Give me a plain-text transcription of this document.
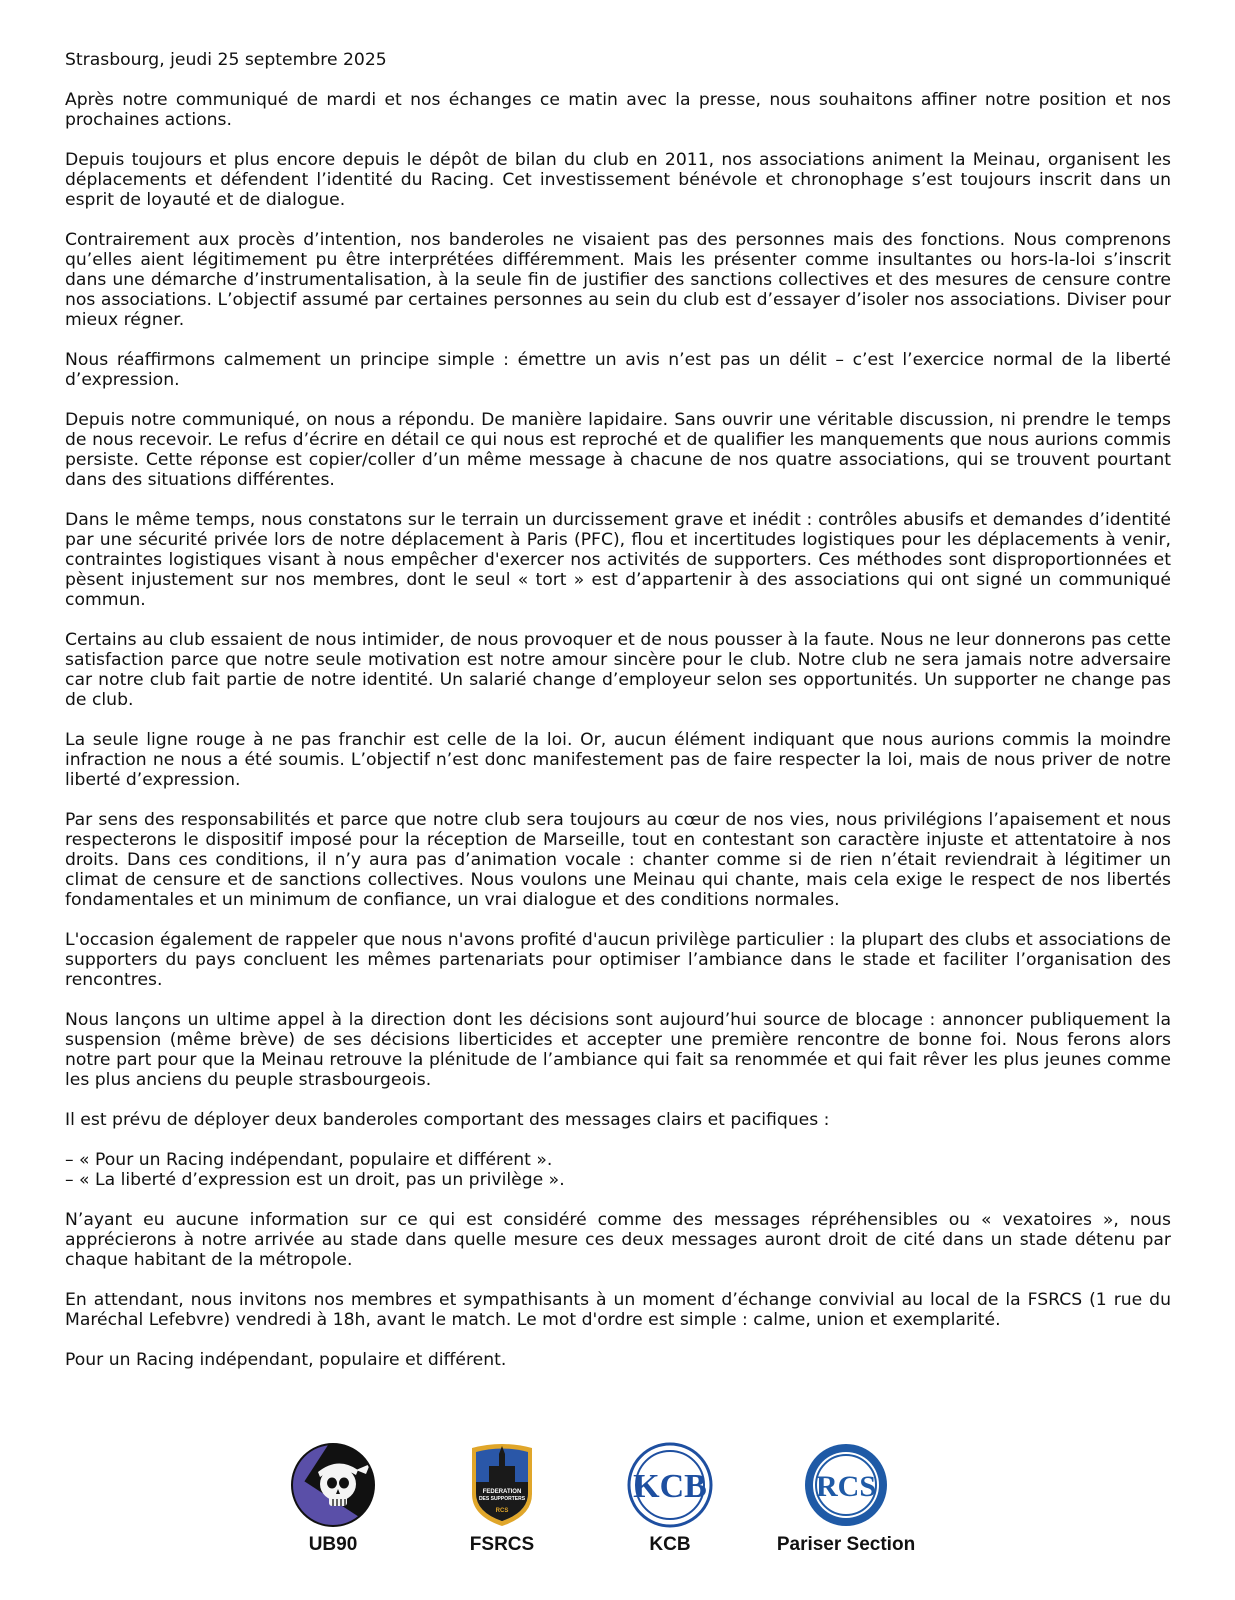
Strasbourg, jeudi 25 septembre 2025

Après notre communiqué de mardi et nos échanges ce matin avec la presse, nous souhaitons affiner notre position et nos prochaines actions.

Depuis toujours et plus encore depuis le dépôt de bilan du club en 2011, nos associations animent la Meinau, organisent les déplacements et défendent l’identité du Racing. Cet investissement bénévole et chronophage s’est toujours inscrit dans un esprit de loyauté et de dialogue.

Contrairement aux procès d’intention, nos banderoles ne visaient pas des personnes mais des fonctions. Nous comprenons qu’elles aient légitimement pu être interprétées différemment. Mais les présenter comme insultantes ou hors-la-loi s’inscrit dans une démarche d’instrumentalisation, à la seule fin de justifier des sanctions collectives et des mesures de censure contre nos associations. L’objectif assumé par certaines personnes au sein du club est d’essayer d’isoler nos associations. Diviser pour mieux régner.

Nous réaffirmons calmement un principe simple : émettre un avis n’est pas un délit – c’est l’exercice normal de la liberté d’expression.

Depuis notre communiqué, on nous a répondu. De manière lapidaire. Sans ouvrir une véritable discussion, ni prendre le temps de nous recevoir. Le refus d’écrire en détail ce qui nous est reproché et de qualifier les manquements que nous aurions commis persiste. Cette réponse est copier/coller d’un même message à chacune de nos quatre associations, qui se trouvent pourtant dans des situations différentes.

Dans le même temps, nous constatons sur le terrain un durcissement grave et inédit : contrôles abusifs et demandes d’identité par une sécurité privée lors de notre déplacement à Paris (PFC), flou et incertitudes logistiques pour les déplacements à venir, contraintes logistiques visant à nous empêcher d'exercer nos activités de supporters. Ces méthodes sont disproportionnées et pèsent injustement sur nos membres, dont le seul « tort » est d’appartenir à des associations qui ont signé un communiqué commun.

Certains au club essaient de nous intimider, de nous provoquer et de nous pousser à la faute. Nous ne leur donnerons pas cette satisfaction parce que notre seule motivation est notre amour sincère pour le club. Notre club ne sera jamais notre adversaire car notre club fait partie de notre identité. Un salarié change d’employeur selon ses opportunités. Un supporter ne change pas de club.

La seule ligne rouge à ne pas franchir est celle de la loi. Or, aucun élément indiquant que nous aurions commis la moindre infraction ne nous a été soumis. L’objectif n’est donc manifestement pas de faire respecter la loi, mais de nous priver de notre liberté d’expression.

Par sens des responsabilités et parce que notre club sera toujours au cœur de nos vies, nous privilégions l’apaisement et nous respecterons le dispositif imposé pour la réception de Marseille, tout en contestant son caractère injuste et attentatoire à nos droits. Dans ces conditions, il n’y aura pas d’animation vocale : chanter comme si de rien n’était reviendrait à légitimer un climat de censure et de sanctions collectives. Nous voulons une Meinau qui chante, mais cela exige le respect de nos libertés fondamentales et un minimum de confiance, un vrai dialogue et des conditions normales.

L'occasion également de rappeler que nous n'avons profité d'aucun privilège particulier : la plupart des clubs et associations de supporters du pays concluent les mêmes partenariats pour optimiser l’ambiance dans le stade et faciliter l’organisation des rencontres.

Nous lançons un ultime appel à la direction dont les décisions sont aujourd’hui source de blocage : annoncer publiquement la suspension (même brève) de ses décisions liberticides et accepter une première rencontre de bonne foi. Nous ferons alors notre part pour que la Meinau retrouve la plénitude de l’ambiance qui fait sa renommée et qui fait rêver les plus jeunes comme les plus anciens du peuple strasbourgeois.

Il est prévu de déployer deux banderoles comportant des messages clairs et pacifiques :

– « Pour un Racing indépendant, populaire et différent ».
– « La liberté d’expression est un droit, pas un privilège ».

N’ayant eu aucune information sur ce qui est considéré comme des messages répréhensibles ou « vexatoires », nous apprécierons à notre arrivée au stade dans quelle mesure ces deux messages auront droit de cité dans un stade détenu par chaque habitant de la métropole.

En attendant, nous invitons nos membres et sympathisants à un moment d’échange convivial au local de la FSRCS (1 rue du Maréchal Lefebvre) vendredi à 18h, avant le match. Le mot d'ordre est simple : calme, union et exemplarité.

Pour un Racing indépendant, populaire et différent.
UB90
FEDERATION
DES SUPPORTERS
RCS
FSRCS
KCB
KCB
RCS
Pariser Section
